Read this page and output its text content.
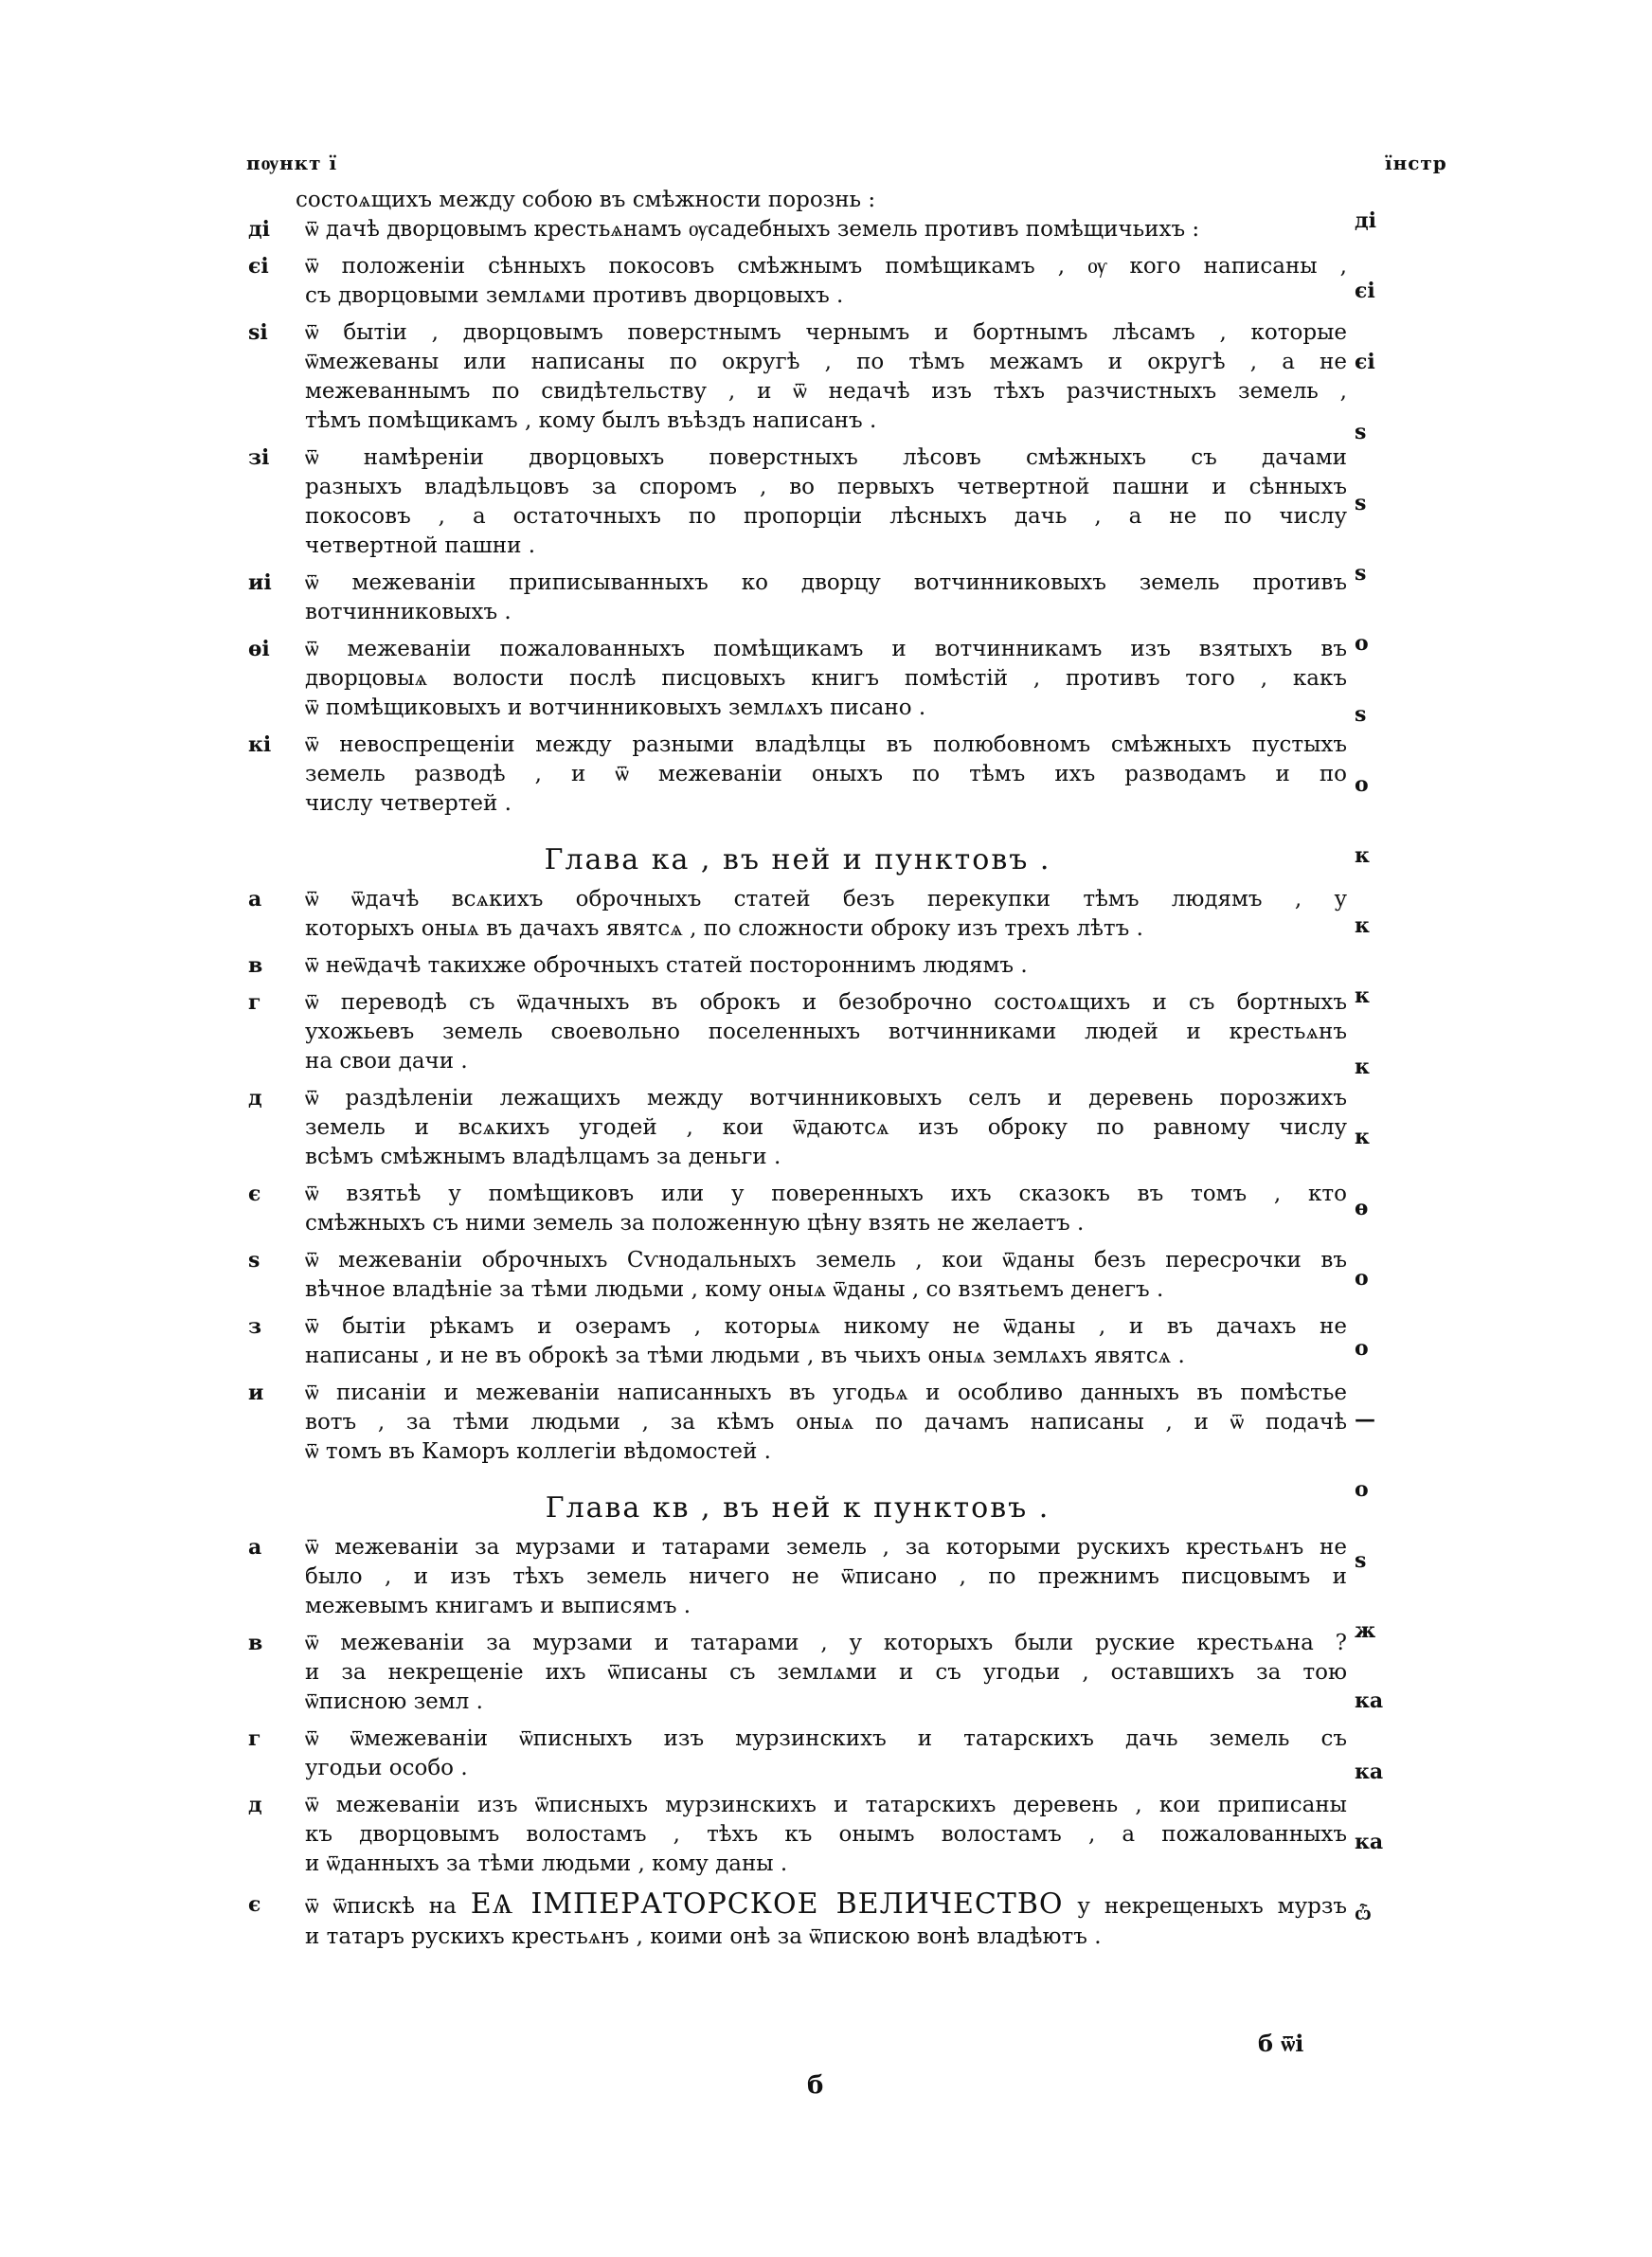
пѹнкт ї	їнстр
состоѧщихъ между собою въ смѣжности порознь :
ді	ѿ дачѣ дворцовымъ крестьѧнамъ ѹсадебныхъ земель противъ помѣщичьихъ :
єі	ѿ положеніи сѣнныхъ покосовъ смѣжнымъ помѣщикамъ , ѹ кого написаны ,
съ дворцовыми землѧми противъ дворцовыхъ .
ѕі	ѿ бытіи , дворцовымъ поверстнымъ чернымъ и бортнымъ лѣсамъ , которые
ѿмежеваны или написаны по округѣ , по тѣмъ межамъ и округѣ , а не
межеваннымъ по свидѣтельству , и ѿ недачѣ изъ тѣхъ разчистныхъ земель ,
тѣмъ помѣщикамъ , кому былъ въѣздъ написанъ .
зі	ѿ намѣреніи дворцовыхъ поверстныхъ лѣсовъ смѣжныхъ съ дачами
разныхъ владѣльцовъ за споромъ , во первыхъ четвертной пашни и сѣнныхъ
покосовъ , а остаточныхъ по пропорціи лѣсныхъ дачь , а не по числу
четвертной пашни .
иі	ѿ межеваніи приписыванныхъ ко дворцу вотчинниковыхъ земель противъ
вотчинниковыхъ .
ѳі	ѿ межеваніи пожалованныхъ помѣщикамъ и вотчинникамъ изъ взятыхъ въ
дворцовыѧ волости послѣ писцовыхъ книгъ помѣстій , противъ того , какъ
ѿ помѣщиковыхъ и вотчинниковыхъ землѧхъ писано .
кі	ѿ невоспрещеніи между разными владѣлцы въ полюбовномъ смѣжныхъ пустыхъ
земель разводѣ , и ѿ межеваніи оныхъ по тѣмъ ихъ разводамъ и по
числу четвертей .
Глава ка , въ ней и пунктовъ .
а	ѿ ѿдачѣ всѧкихъ оброчныхъ статей безъ перекупки тѣмъ людямъ , у
которыхъ оныѧ въ дачахъ явятсѧ , по сложности оброку изъ трехъ лѣтъ .
в	ѿ неѿдачѣ такихже оброчныхъ статей постороннимъ людямъ .
г	ѿ переводѣ съ ѿдачныхъ въ оброкъ и безоброчно состоѧщихъ и съ бортныхъ
ухожьевъ земель своевольно поселенныхъ вотчинниками людей и крестьѧнъ
на свои дачи .
д	ѿ раздѣленіи лежащихъ между вотчинниковыхъ селъ и деревень порозжихъ
земель и всѧкихъ угодей , кои ѿдаютсѧ изъ оброку по равному числу
всѣмъ смѣжнымъ владѣлцамъ за деньги .
є	ѿ взятьѣ у помѣщиковъ или у поверенныхъ ихъ сказокъ въ томъ , кто
смѣжныхъ съ ними земель за положенную цѣну взять не желаетъ .
ѕ	ѿ межеваніи оброчныхъ Сѵнодальныхъ земель , кои ѿданы безъ пересрочки въ
вѣчное владѣніе за тѣми людьми , кому оныѧ ѿданы , со взятьемъ денегъ .
з	ѿ бытіи рѣкамъ и озерамъ , которыѧ никому не ѿданы , и въ дачахъ не
написаны , и не въ оброкѣ за тѣми людьми , въ чьихъ оныѧ землѧхъ явятсѧ .
и	ѿ писаніи и межеваніи написанныхъ въ угодьѧ и особливо данныхъ въ помѣстье
вотъ , за тѣми людьми , за кѣмъ оныѧ по дачамъ написаны , и ѿ подачѣ
ѿ томъ въ Каморъ коллегіи вѣдомостей .
Глава кв , въ ней к пунктовъ .
а	ѿ межеваніи за мурзами и татарами земель , за которыми рускихъ крестьѧнъ не
было , и изъ тѣхъ земель ничего не ѿписано , по прежнимъ писцовымъ и
межевымъ книгамъ и выписямъ .
в	ѿ межеваніи за мурзами и татарами , у которыхъ были руские крестьѧна ?
и за некрещеніе ихъ ѿписаны съ землѧми и съ угодьи , оставшихъ за тою
ѿписною земл .
г	ѿ ѿмежеваніи ѿписныхъ изъ мурзинскихъ и татарскихъ дачь земель съ
угодьи особо .
д	ѿ межеваніи изъ ѿписныхъ мурзинскихъ и татарскихъ деревень , кои приписаны
къ дворцовымъ волостамъ , тѣхъ къ онымъ волостамъ , а пожалованныхъ
и ѿданныхъ за тѣми людьми , кому даны .
є	ѿ ѿпискѣ на ЕѦ ІМПЕРАТОРСКОЕ ВЕЛИЧЕСТВО у некрещеныхъ мурзъ
и татаръ рускихъ крестьѧнъ , коими онѣ за ѿпискою вонѣ владѣютъ .
ді
єі
єі
ѕ
ѕ
ѕ
о
ѕ
о
к
к
к
к
к
ѳ
о
о
—
о
ѕ
ж
ка
ка
ка
ѽ
б ѿі
б
